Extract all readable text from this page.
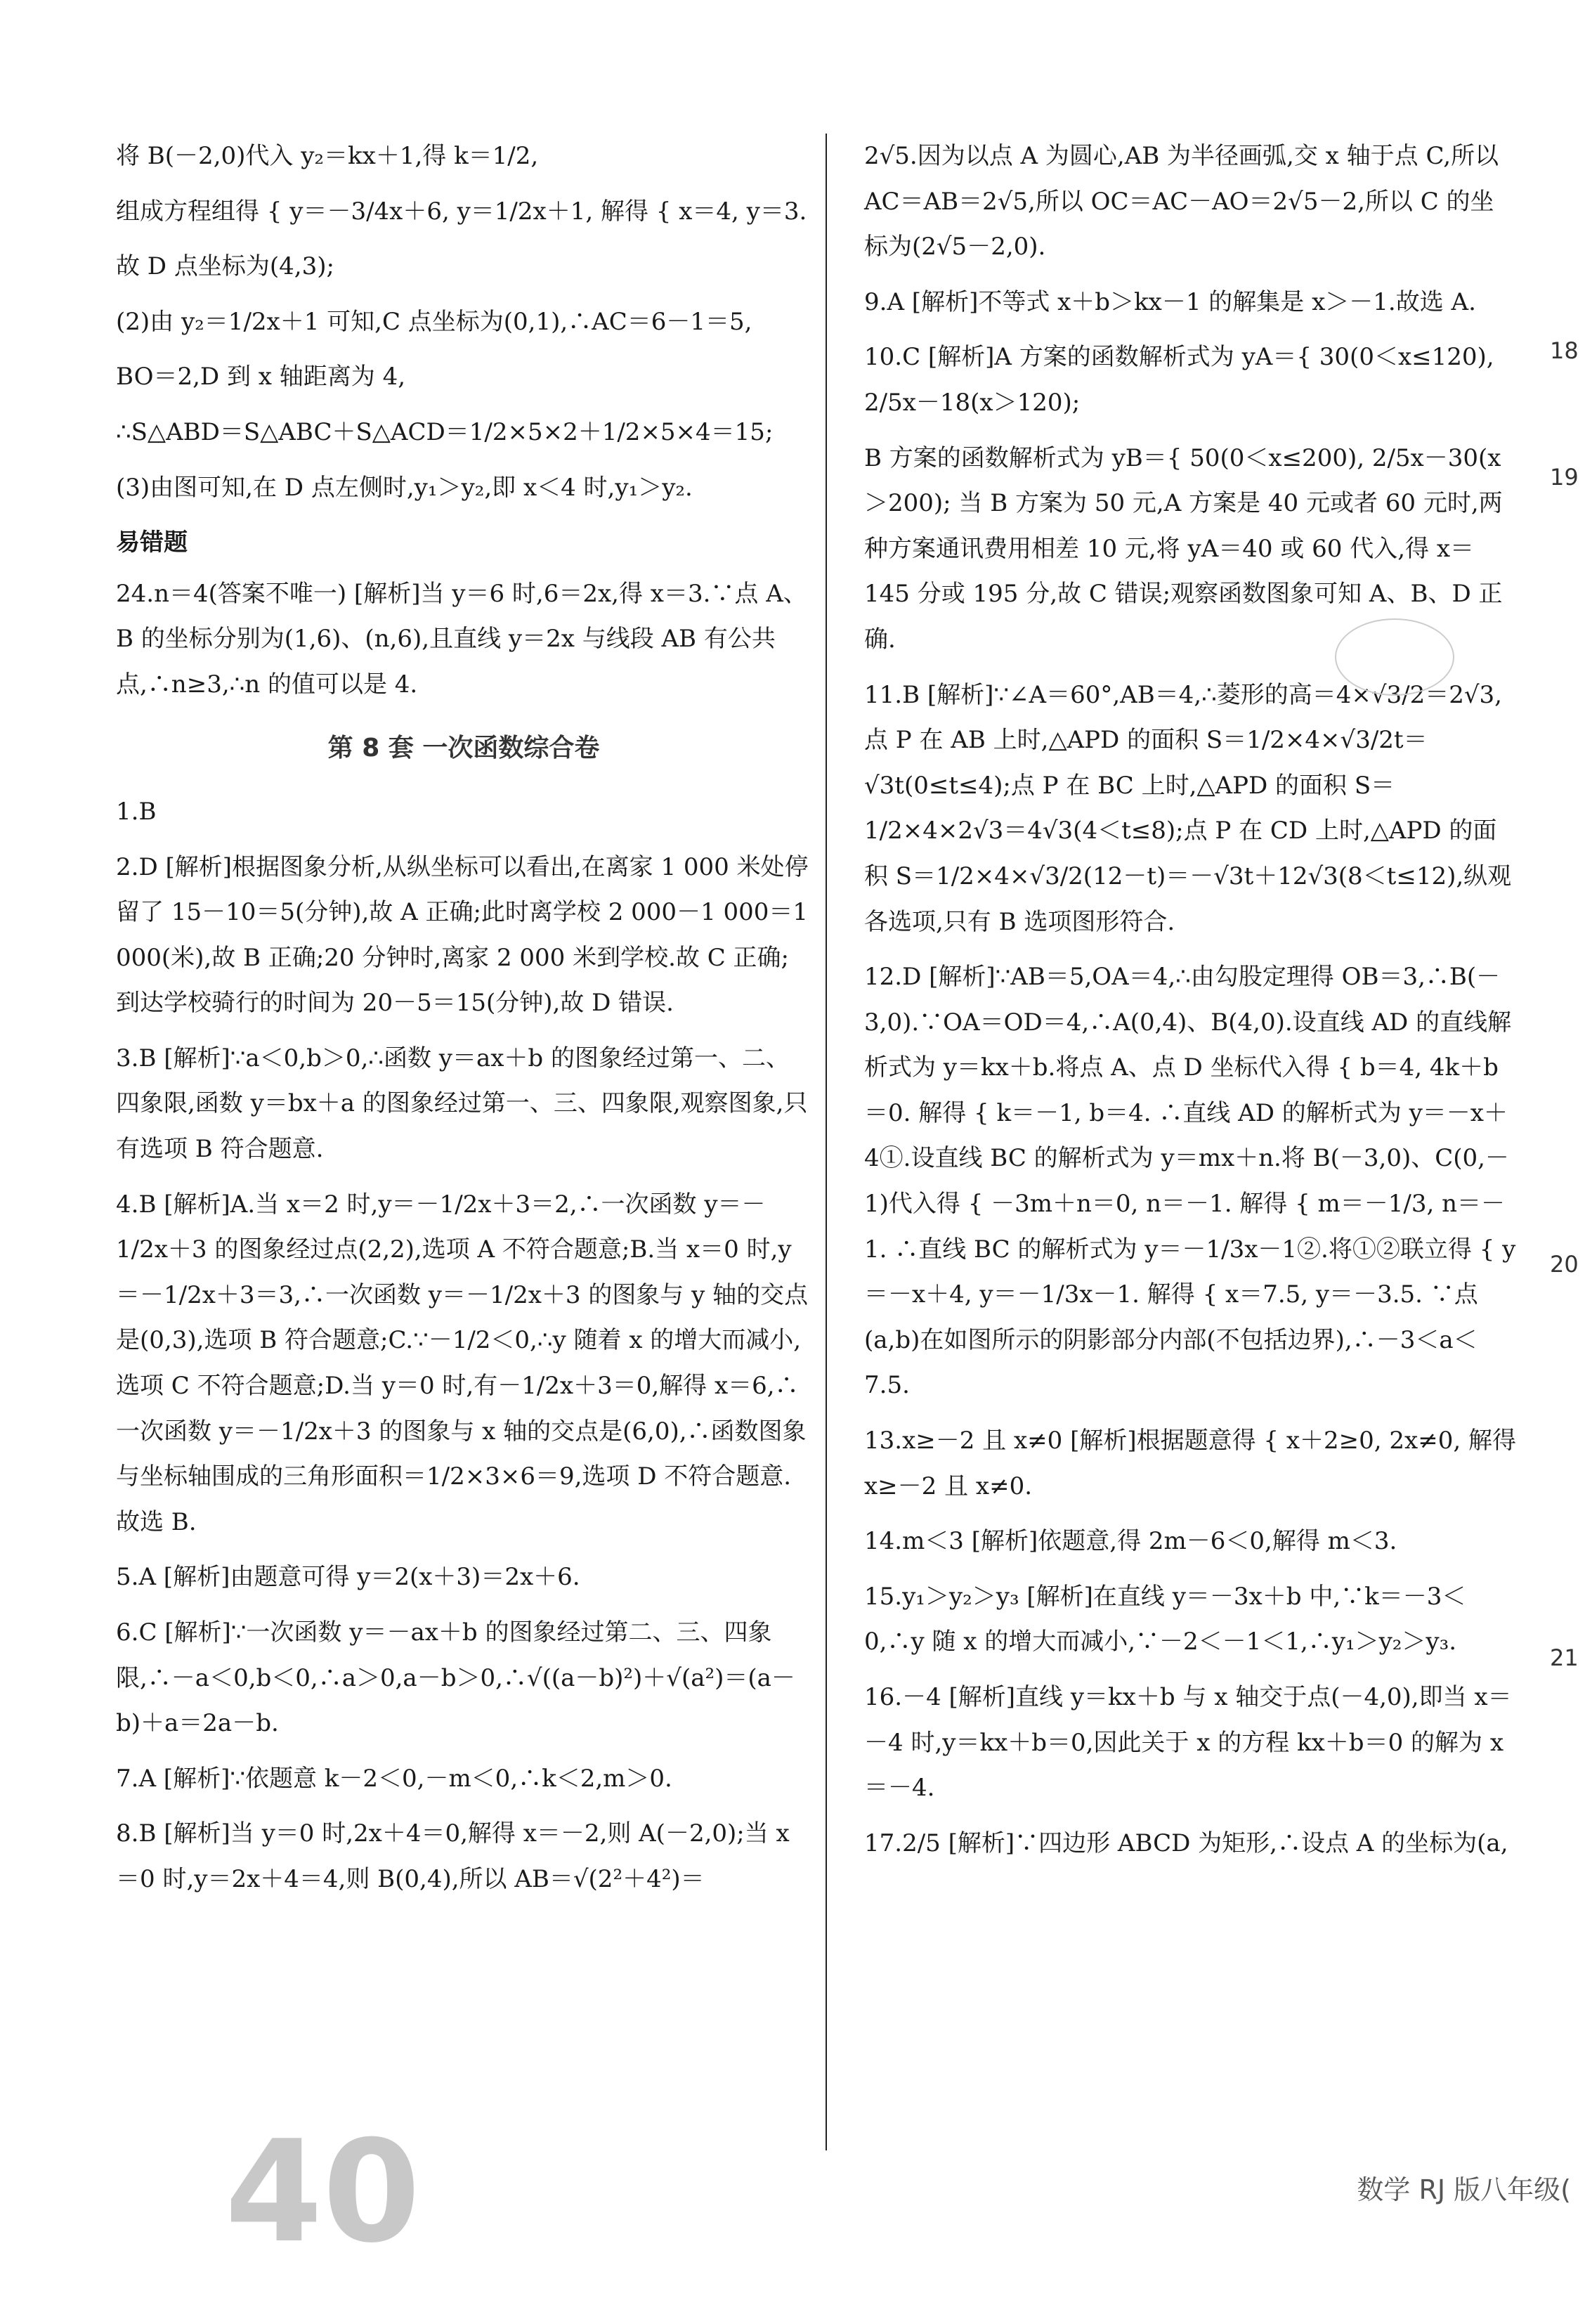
将 B(－2,0)代入 y₂＝kx＋1,得 k＝1/2,

组成方程组得 { y＝－3/4x＋6, y＝1/2x＋1, 解得 { x＝4, y＝3.

故 D 点坐标为(4,3);

(2)由 y₂＝1/2x＋1 可知,C 点坐标为(0,1),∴AC＝6－1＝5,

BO＝2,D 到 x 轴距离为 4,

∴S△ABD＝S△ABC＋S△ACD＝1/2×5×2＋1/2×5×4＝15;

(3)由图可知,在 D 点左侧时,y₁＞y₂,即 x＜4 时,y₁＞y₂.

易错题

24.n＝4(答案不唯一) [解析]当 y＝6 时,6＝2x,得 x＝3.∵点 A、B 的坐标分别为(1,6)、(n,6),且直线 y＝2x 与线段 AB 有公共点,∴n≥3,∴n 的值可以是 4.

第 8 套 一次函数综合卷

1.B

2.D [解析]根据图象分析,从纵坐标可以看出,在离家 1 000 米处停留了 15－10＝5(分钟),故 A 正确;此时离学校 2 000－1 000＝1 000(米),故 B 正确;20 分钟时,离家 2 000 米到学校.故 C 正确;到达学校骑行的时间为 20－5＝15(分钟),故 D 错误.

3.B [解析]∵a＜0,b＞0,∴函数 y＝ax＋b 的图象经过第一、二、四象限,函数 y＝bx＋a 的图象经过第一、三、四象限,观察图象,只有选项 B 符合题意.

4.B [解析]A.当 x＝2 时,y＝－1/2x＋3＝2,∴一次函数 y＝－1/2x＋3 的图象经过点(2,2),选项 A 不符合题意;B.当 x＝0 时,y＝－1/2x＋3＝3,∴一次函数 y＝－1/2x＋3 的图象与 y 轴的交点是(0,3),选项 B 符合题意;C.∵－1/2＜0,∴y 随着 x 的增大而减小,选项 C 不符合题意;D.当 y＝0 时,有－1/2x＋3＝0,解得 x＝6,∴一次函数 y＝－1/2x＋3 的图象与 x 轴的交点是(6,0),∴函数图象与坐标轴围成的三角形面积＝1/2×3×6＝9,选项 D 不符合题意.故选 B.

5.A [解析]由题意可得 y＝2(x＋3)＝2x＋6.

6.C [解析]∵一次函数 y＝－ax＋b 的图象经过第二、三、四象限,∴－a＜0,b＜0,∴a＞0,a－b＞0,∴√((a－b)²)＋√(a²)＝(a－b)＋a＝2a－b.

7.A [解析]∵依题意 k－2＜0,－m＜0,∴k＜2,m＞0.

8.B [解析]当 y＝0 时,2x＋4＝0,解得 x＝－2,则 A(－2,0);当 x＝0 时,y＝2x＋4＝4,则 B(0,4),所以 AB＝√(2²＋4²)＝

2√5.因为以点 A 为圆心,AB 为半径画弧,交 x 轴于点 C,所以 AC＝AB＝2√5,所以 OC＝AC－AO＝2√5－2,所以 C 的坐标为(2√5－2,0).

9.A [解析]不等式 x＋b＞kx－1 的解集是 x＞－1.故选 A.

10.C [解析]A 方案的函数解析式为 yA＝{ 30(0＜x≤120), 2/5x－18(x＞120);

B 方案的函数解析式为 yB＝{ 50(0＜x≤200), 2/5x－30(x＞200); 当 B 方案为 50 元,A 方案是 40 元或者 60 元时,两种方案通讯费用相差 10 元,将 yA＝40 或 60 代入,得 x＝145 分或 195 分,故 C 错误;观察函数图象可知 A、B、D 正确.

11.B [解析]∵∠A＝60°,AB＝4,∴菱形的高＝4×√3/2＝2√3,点 P 在 AB 上时,△APD 的面积 S＝1/2×4×√3/2t＝√3t(0≤t≤4);点 P 在 BC 上时,△APD 的面积 S＝1/2×4×2√3＝4√3(4＜t≤8);点 P 在 CD 上时,△APD 的面积 S＝1/2×4×√3/2(12－t)＝－√3t＋12√3(8＜t≤12),纵观各选项,只有 B 选项图形符合.

12.D [解析]∵AB＝5,OA＝4,∴由勾股定理得 OB＝3,∴B(－3,0).∵OA＝OD＝4,∴A(0,4)、B(4,0).设直线 AD 的直线解析式为 y＝kx＋b.将点 A、点 D 坐标代入得 { b＝4, 4k＋b＝0. 解得 { k＝－1, b＝4. ∴直线 AD 的解析式为 y＝－x＋4①.设直线 BC 的解析式为 y＝mx＋n.将 B(－3,0)、C(0,－1)代入得 { －3m＋n＝0, n＝－1. 解得 { m＝－1/3, n＝－1. ∴直线 BC 的解析式为 y＝－1/3x－1②.将①②联立得 { y＝－x＋4, y＝－1/3x－1. 解得 { x＝7.5, y＝－3.5. ∵点(a,b)在如图所示的阴影部分内部(不包括边界),∴－3＜a＜7.5.

13.x≥－2 且 x≠0 [解析]根据题意得 { x＋2≥0, 2x≠0, 解得 x≥－2 且 x≠0.

14.m＜3 [解析]依题意,得 2m－6＜0,解得 m＜3.

15.y₁＞y₂＞y₃ [解析]在直线 y＝－3x＋b 中,∵k＝－3＜0,∴y 随 x 的增大而减小,∵－2＜－1＜1,∴y₁＞y₂＞y₃.

16.－4 [解析]直线 y＝kx＋b 与 x 轴交于点(－4,0),即当 x＝－4 时,y＝kx＋b＝0,因此关于 x 的方程 kx＋b＝0 的解为 x＝－4.

17.2/5 [解析]∵四边形 ABCD 为矩形,∴设点 A 的坐标为(a,

18
19
20
21
40	数学 RJ 版八年级(
